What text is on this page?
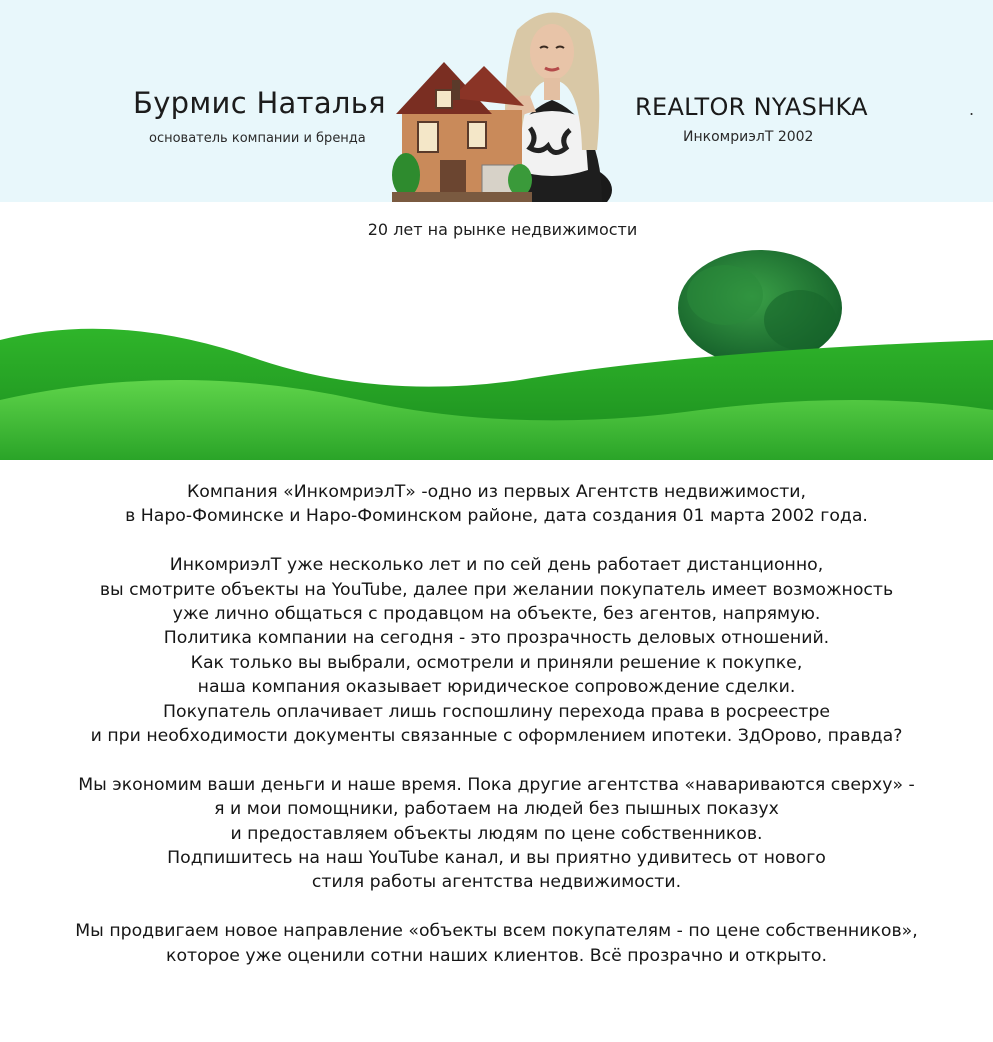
Бурмис Наталья
основатель компании и бренда
REALTOR NYASHKA
ИнкомриэлТ 2002
.
20 лет на рынке недвижимости
Компания «ИнкомриэлТ» -одно из первых Агентств недвижимости,
в Наро-Фоминске и Наро-Фоминском районе, дата создания 01 марта 2002 года.
ИнкомриэлТ уже несколько лет и по сей день работает дистанционно,
вы смотрите объекты на YouTube, далее при желании покупатель имеет возможность
уже лично общаться с продавцом на объекте, без агентов, напрямую.
Политика компании на сегодня - это прозрачность деловых отношений.
Как только вы выбрали, осмотрели и приняли решение к покупке,
наша компания оказывает юридическое сопровождение сделки.
Покупатель оплачивает лишь госпошлину перехода права в росреестре
и при необходимости документы связанные с оформлением ипотеки. ЗдОрово, правда?
Мы экономим ваши деньги и наше время. Пока другие агентства «навариваются сверху» -
я и мои помощники, работаем на людей без пышных показух
и предоставляем объекты людям по цене собственников.
Подпишитесь на наш YouTube канал, и вы приятно удивитесь от нового
стиля работы агентства недвижимости.
Мы продвигаем новое направление «объекты всем покупателям - по цене собственников»,
которое уже оценили сотни наших клиентов. Всё прозрачно и открыто.
